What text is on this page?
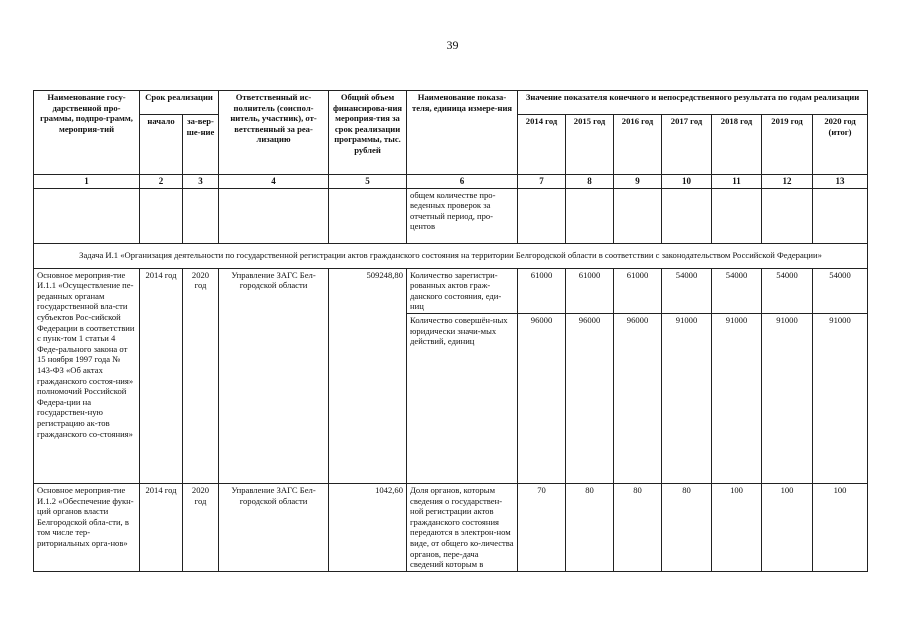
39
Наименование госу-дарственной про-граммы, подпро-грамм, мероприя-тий	Срок реализации		Ответственный ис-полнитель (соиспол-нитель, участник), от-ветственный за реа-лизацию	Общий объем финансирова-ния мероприя-тия за срок реализации программы, тыс. рублей	Наименование показа-теля, единица измере-ния	Значение показателя конечного и непосредственного результата по годам реализации						
	начало	за-вер-ше-ние				2014 год	2015 год	2016 год	2017 год	2018 год	2019 год	2020 год (итог)
1	2	3	4	5	6	7	8	9	10	11	12	13
					общем количестве про-веденных проверок за отчетный период, про-центов							
Задача И.1 «Организация деятельности по государственной регистрации актов гражданского состояния на территории Белгородской области в соответствии с законодательством Российской Федерации»												
Основное мероприя-тие И.1.1 «Осуществление пе-реданных органам государственной вла-сти субъектов Рос-сийской Федерации в соответствии с пунк-том 1 статьи 4 Феде-рального закона от 15 ноября 1997 года № 143-ФЗ «Об актах гражданского состоя-ния» полномочий Российской Федера-ции на государствен-ную регистрацию ак-тов гражданского со-стояния»	2014 год	2020 год	Управление ЗАГС Бел-городской области	509248,80	Количество зарегистри-рованных актов граж-данского состояния, еди-ниц	61000	61000	61000	54000	54000	54000	54000
					Количество совершён-ных юридически значи-мых действий, единиц	96000	96000	96000	91000	91000	91000	91000
Основное мероприя-тие И.1.2 «Обеспечение фукн-ций органов власти Белгородской обла-сти, в том числе тер-риториальных орга-нов»	2014 год	2020 год	Управление ЗАГС Бел-городской области	1042,60	Доля органов, которым сведения о государствен-ной регистрации актов гражданского состояния передаются в электрон-ном виде, от общего ко-личества органов, пере-дача сведений которым в	70	80	80	80	100	100	100
